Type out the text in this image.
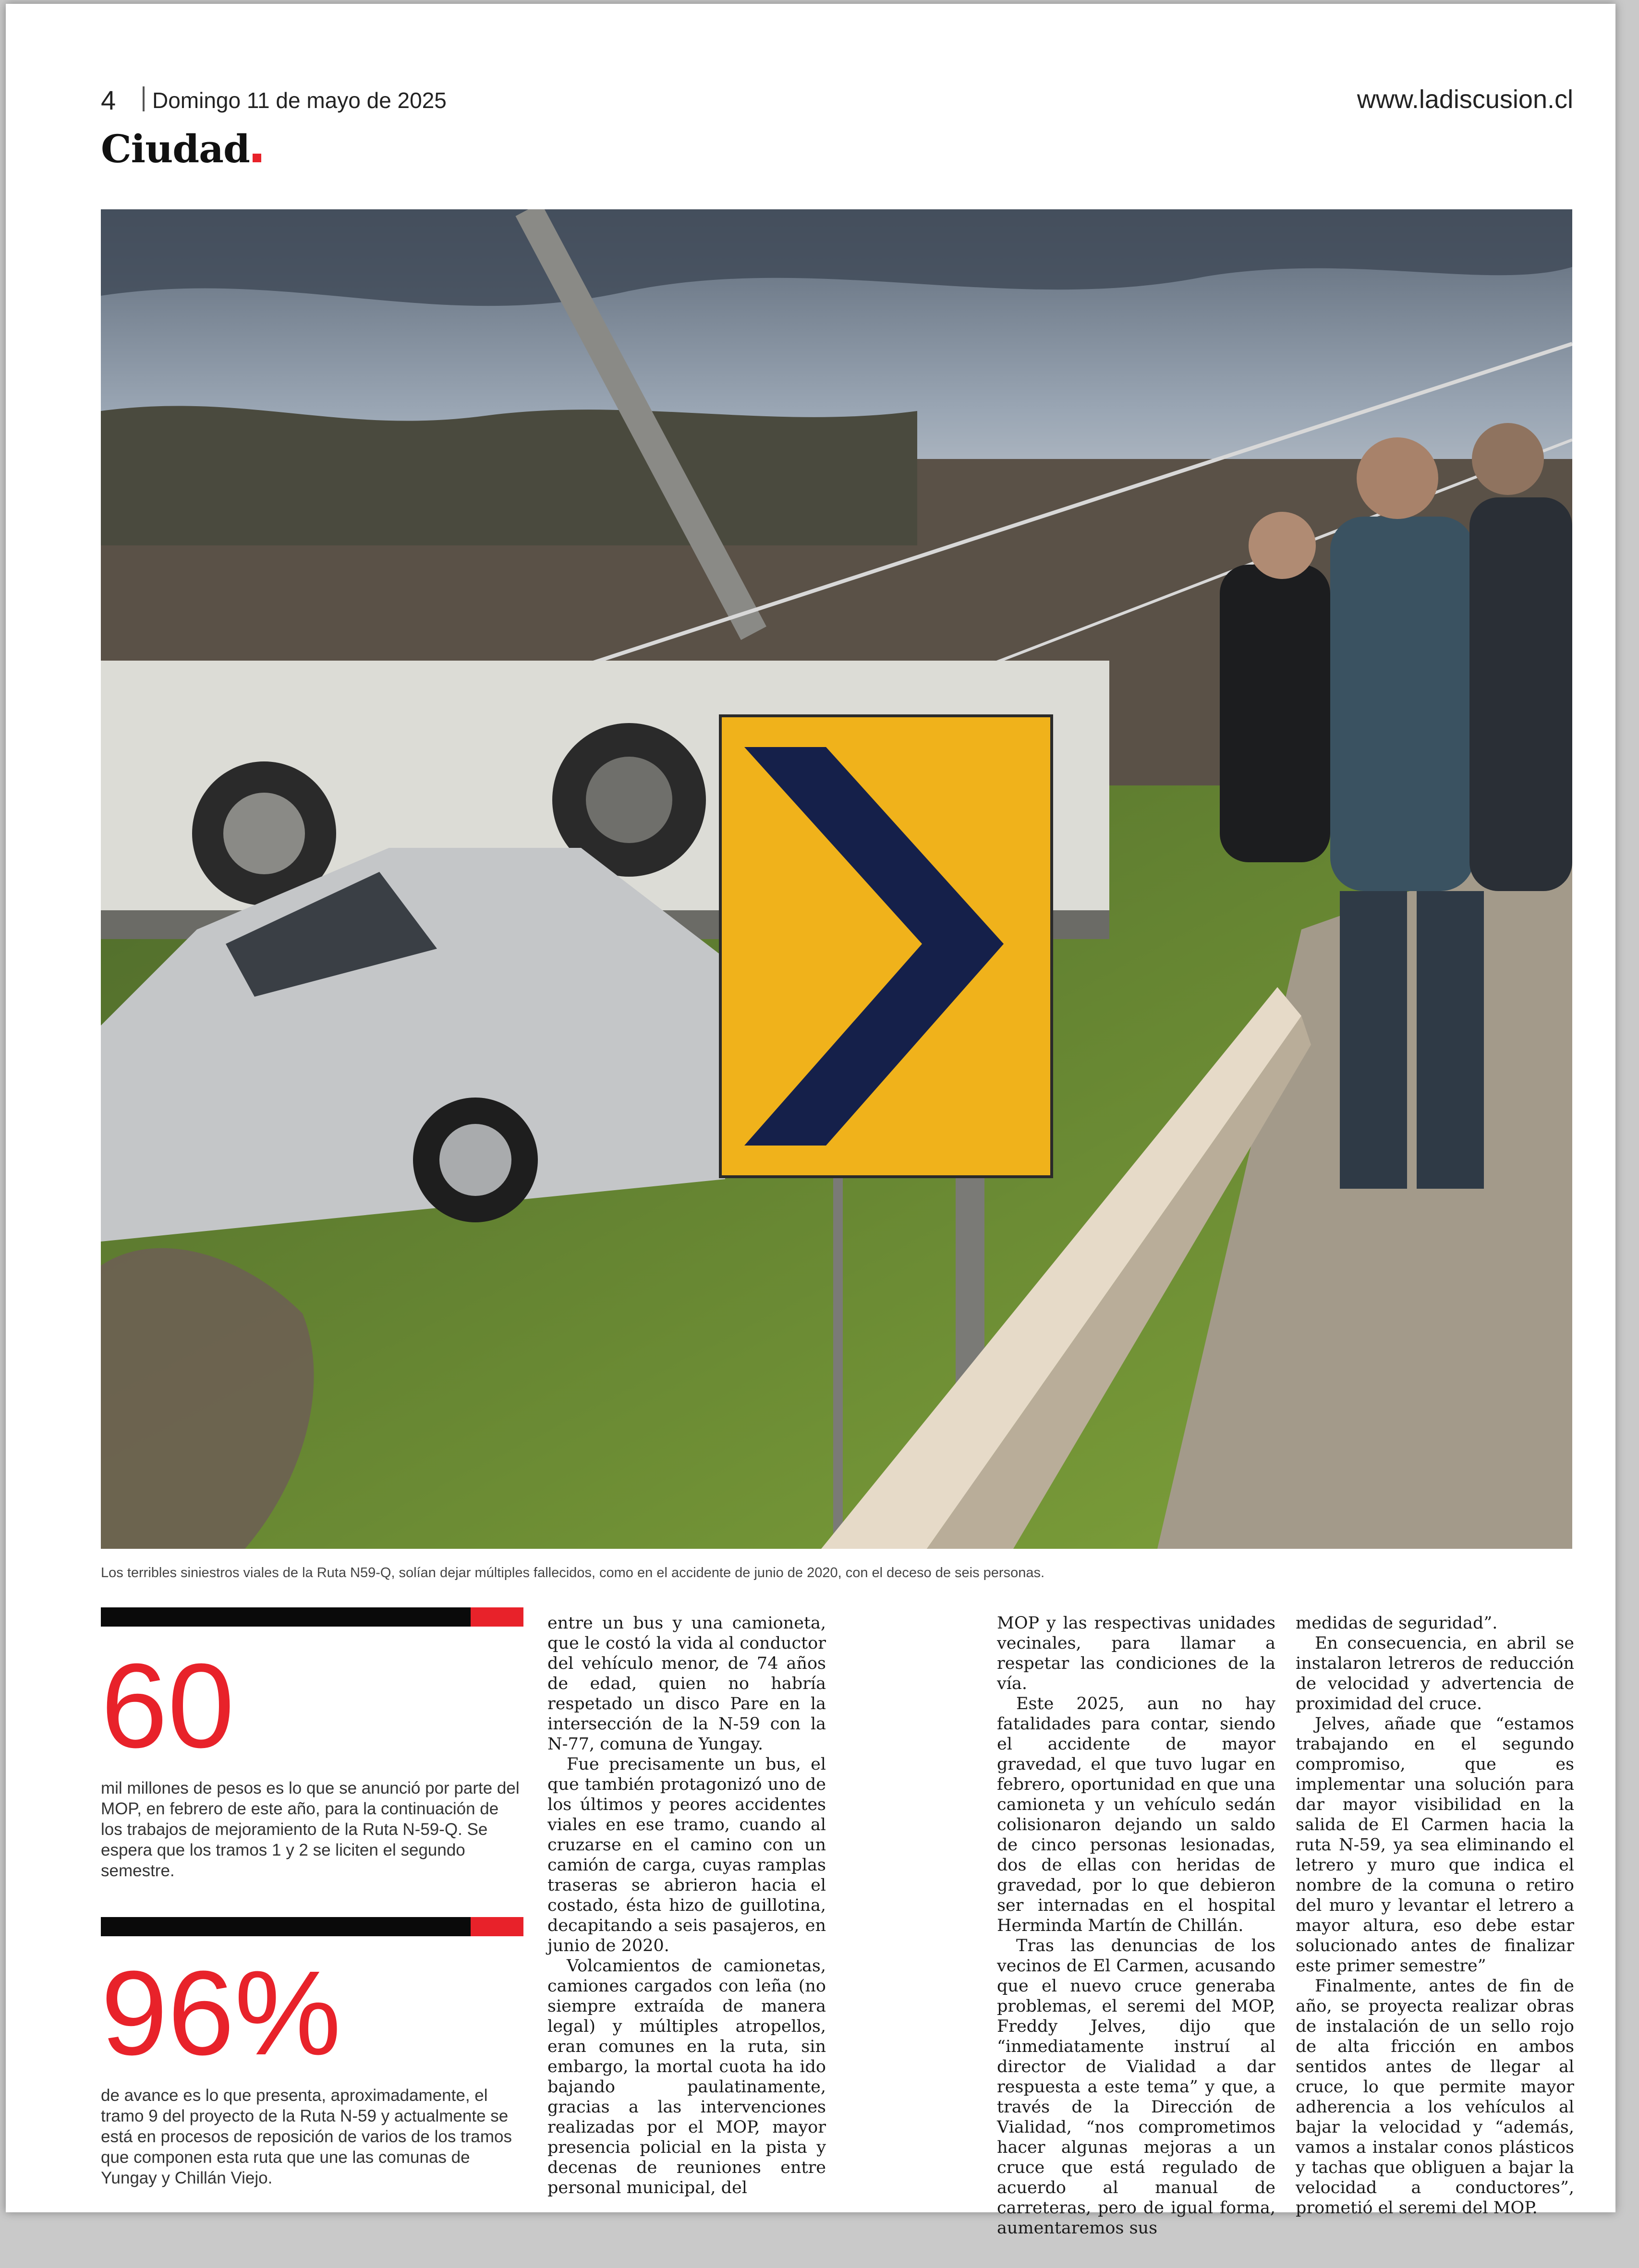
4 Domingo 11 de mayo de 2025	www.ladiscusion.cl
Ciudad
Los terribles siniestros viales de la Ruta N59-Q, solían dejar múltiples fallecidos, como en el accidente de junio de 2020, con el deceso de seis personas.
60
mil millones de pesos es lo que se anunció por parte del MOP, en febrero de este año, para la continuación de los trabajos de mejoramiento de la Ruta N-59-Q. Se espera que los tramos 1 y 2 se liciten el segundo semestre.
96%
de avance es lo que presenta, aproximadamente, el tramo 9 del proyecto de la Ruta N-59 y actualmente se está en procesos de reposición de varios de los tramos que componen esta ruta que une las comunas de Yungay y Chillán Viejo.

entre un bus y una camioneta, que le costó la vida al conductor del vehículo menor, de 74 años de edad, quien no habría respetado un disco Pare en la intersección de la N-59 con la N-77, comuna de Yungay.

Fue precisamente un bus, el que también protagonizó uno de los últimos y peores accidentes viales en ese tramo, cuando al cruzarse en el camino con un camión de carga, cuyas ramplas traseras se abrieron hacia el costado, ésta hizo de guillotina, decapitando a seis pasajeros, en junio de 2020.

Volcamientos de camionetas, camiones cargados con leña (no siempre extraída de manera legal) y múltiples atropellos, eran comunes en la ruta, sin embargo, la mortal cuota ha ido bajando paulatinamente, gracias a las intervenciones realizadas por el MOP, mayor presencia policial en la pista y decenas de reuniones entre personal municipal, del

MOP y las respectivas unidades vecinales, para llamar a respetar las condiciones de la vía.

Este 2025, aun no hay fatalidades para contar, siendo el accidente de mayor gravedad, el que tuvo lugar en febrero, oportunidad en que una camioneta y un vehículo sedán colisionaron dejando un saldo de cinco personas lesionadas, dos de ellas con heridas de gravedad, por lo que debieron ser internadas en el hospital Herminda Martín de Chillán.

Tras las denuncias de los vecinos de El Carmen, acusando que el nuevo cruce generaba problemas, el seremi del MOP, Freddy Jelves, dijo que “inmediatamente instruí al director de Vialidad a dar respuesta a este tema” y que, a través de la Dirección de Vialidad, “nos comprometimos hacer algunas mejoras a un cruce que está regulado de acuerdo al manual de carreteras, pero de igual forma, aumentaremos sus

medidas de seguridad”.

En consecuencia, en abril se instalaron letreros de reducción de velocidad y advertencia de proximidad del cruce.

Jelves, añade que “estamos trabajando en el segundo compromiso, que es implementar una solución para dar mayor visibilidad en la salida de El Carmen hacia la ruta N-59, ya sea eliminando el letrero y muro que indica el nombre de la comuna o retiro del muro y levantar el letrero a mayor altura, eso debe estar solucionado antes de finalizar este primer semestre”

Finalmente, antes de fin de año, se proyecta realizar obras de instalación de un sello rojo de alta fricción en ambos sentidos antes de llegar al cruce, lo que permite mayor adherencia a los vehículos al bajar la velocidad y “además, vamos a instalar conos plásticos y tachas que obliguen a bajar la velocidad a conductores”, prometió el seremi del MOP.
